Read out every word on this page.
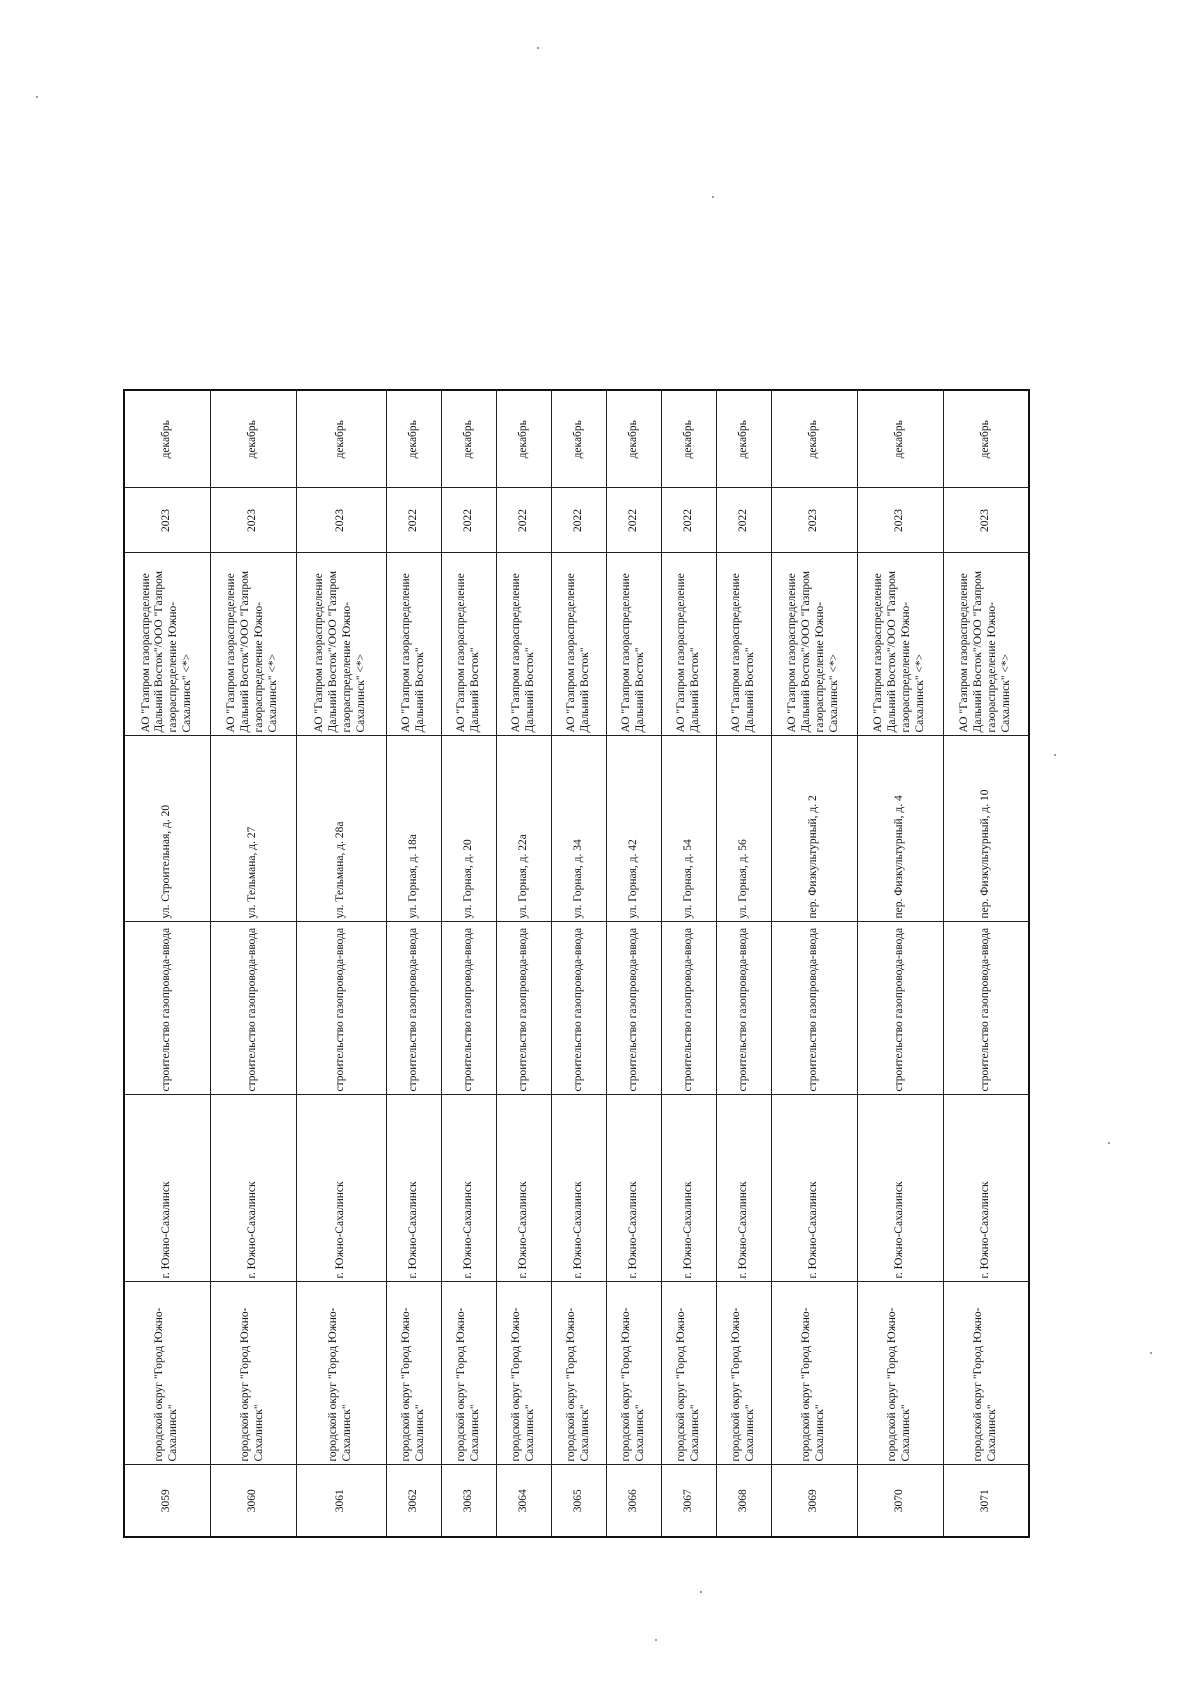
3059	городской округ "Город Южно-Сахалинск"	г. Южно-Сахалинск	строительство газопровода-ввода	ул. Строительная, д. 20	АО "Газпром газораспределение Дальний Восток"/ООО "Газпром газораспределение Южно-Сахалинск" <*>	2023	декабрь
3060	городской округ "Город Южно-Сахалинск"	г. Южно-Сахалинск	строительство газопровода-ввода	ул. Тельмана, д. 27	АО "Газпром газораспределение Дальний Восток"/ООО "Газпром газораспределение Южно-Сахалинск" <*>	2023	декабрь
3061	городской округ "Город Южно-Сахалинск"	г. Южно-Сахалинск	строительство газопровода-ввода	ул. Тельмана, д. 28а	АО "Газпром газораспределение Дальний Восток"/ООО "Газпром газораспределение Южно-Сахалинск" <*>	2023	декабрь
3062	городской округ "Город Южно-Сахалинск"	г. Южно-Сахалинск	строительство газопровода-ввода	ул. Горная, д. 18а	АО "Газпром газораспределение Дальний Восток"	2022	декабрь
3063	городской округ "Город Южно-Сахалинск"	г. Южно-Сахалинск	строительство газопровода-ввода	ул. Горная, д. 20	АО "Газпром газораспределение Дальний Восток"	2022	декабрь
3064	городской округ "Город Южно-Сахалинск"	г. Южно-Сахалинск	строительство газопровода-ввода	ул. Горная, д. 22а	АО "Газпром газораспределение Дальний Восток"	2022	декабрь
3065	городской округ "Город Южно-Сахалинск"	г. Южно-Сахалинск	строительство газопровода-ввода	ул. Горная, д. 34	АО "Газпром газораспределение Дальний Восток"	2022	декабрь
3066	городской округ "Город Южно-Сахалинск"	г. Южно-Сахалинск	строительство газопровода-ввода	ул. Горная, д. 42	АО "Газпром газораспределение Дальний Восток"	2022	декабрь
3067	городской округ "Город Южно-Сахалинск"	г. Южно-Сахалинск	строительство газопровода-ввода	ул. Горная, д. 54	АО "Газпром газораспределение Дальний Восток"	2022	декабрь
3068	городской округ "Город Южно-Сахалинск"	г. Южно-Сахалинск	строительство газопровода-ввода	ул. Горная, д. 56	АО "Газпром газораспределение Дальний Восток"	2022	декабрь
3069	городской округ "Город Южно-Сахалинск"	г. Южно-Сахалинск	строительство газопровода-ввода	пер. Физкультурный, д. 2	АО "Газпром газораспределение Дальний Восток"/ООО "Газпром газораспределение Южно-Сахалинск" <*>	2023	декабрь
3070	городской округ "Город Южно-Сахалинск"	г. Южно-Сахалинск	строительство газопровода-ввода	пер. Физкультурный, д. 4	АО "Газпром газораспределение Дальний Восток"/ООО "Газпром газораспределение Южно-Сахалинск" <*>	2023	декабрь
3071	городской округ "Город Южно-Сахалинск"	г. Южно-Сахалинск	строительство газопровода-ввода	пер. Физкультурный, д. 10	АО "Газпром газораспределение Дальний Восток"/ООО "Газпром газораспределение Южно-Сахалинск" <*>	2023	декабрь
